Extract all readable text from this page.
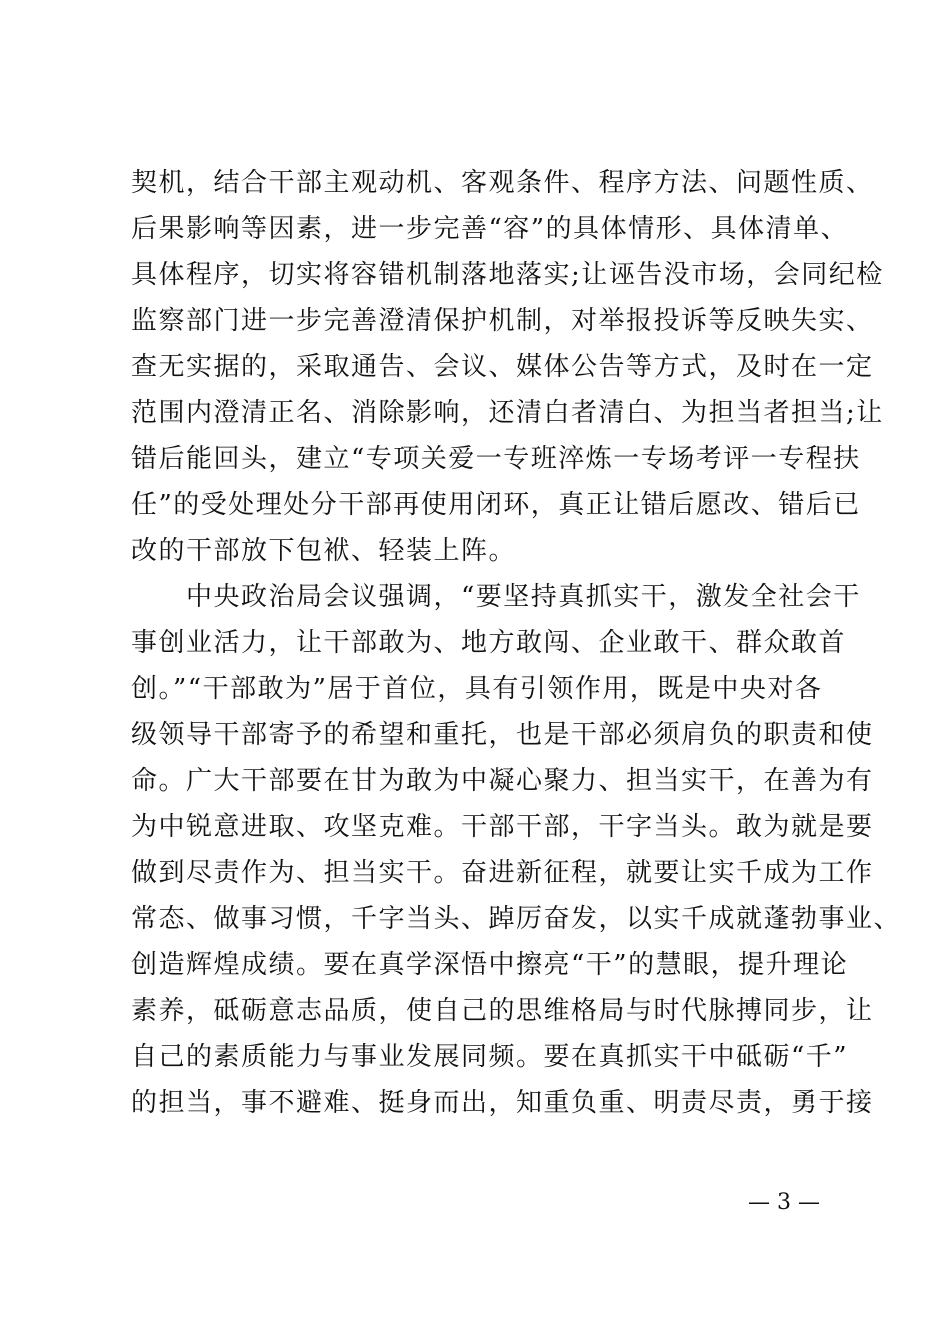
契机，结合干部主观动机、客观条件、程序方法、问题性质、
后果影响等因素，进一步完善“容”的具体情形、具体清单、
具体程序，切实将容错机制落地落实;让诬告没市场，会同纪检
监察部门进一步完善澄清保护机制，对举报投诉等反映失实、
查无实据的，采取通告、会议、媒体公告等方式，及时在一定
范围内澄清正名、消除影响，还清白者清白、为担当者担当;让
错后能回头，建立“专项关爱一专班淬炼一专场考评一专程扶
任”的受处理处分干部再使用闭环，真正让错后愿改、错后已
改的干部放下包袱、轻装上阵。
　　中央政治局会议强调，“要坚持真抓实干，激发全社会干
事创业活力，让干部敢为、地方敢闯、企业敢干、群众敢首
创。”“干部敢为”居于首位，具有引领作用，既是中央对各
级领导干部寄予的希望和重托，也是干部必须肩负的职责和使
命。广大干部要在甘为敢为中凝心聚力、担当实干，在善为有
为中锐意进取、攻坚克难。干部干部，干字当头。敢为就是要
做到尽责作为、担当实干。奋进新征程，就要让实千成为工作
常态、做事习惯，千字当头、踔厉奋发，以实千成就蓬勃事业、
创造辉煌成绩。要在真学深悟中擦亮“干”的慧眼，提升理论
素养，砥砺意志品质，使自己的思维格局与时代脉搏同步，让
自己的素质能力与事业发展同频。要在真抓实干中砥砺“千”
的担当，事不避难、挺身而出，知重负重、明责尽责，勇于接
— 3 —
